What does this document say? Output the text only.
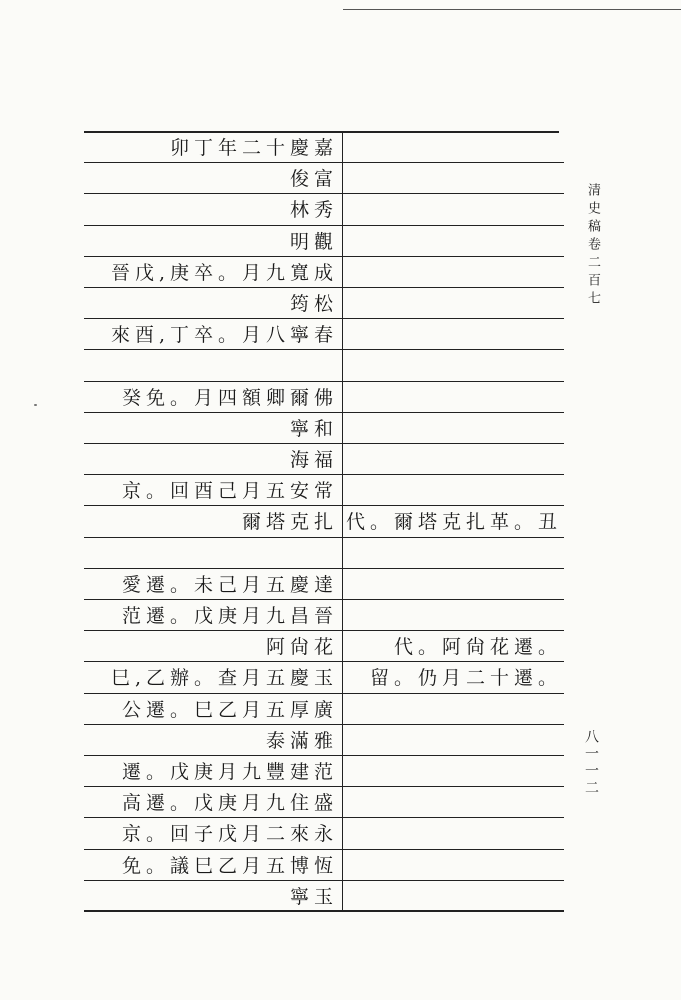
卯丁年二十慶嘉
俊富
林秀
明觀
晉戊,庚卒。月九寬成
筠松
來酉,丁卒。月八寧春
癸免。月四額卿爾佛
寧和
海福
京。回酉己月五安常
爾塔克扎 代。爾塔克扎革。丑
愛遷。未己月五慶達
范遷。戊庚月九昌晉
阿尙花	代。阿尙花遷。
巳,乙辦。查月五慶玉	留。仍月二十遷。
公遷。巳乙月五厚廣
泰滿雅
遷。戊庚月九豐建范
高遷。戊庚月九住盛
京。回子戊月二來永
免。議巳乙月五博恆
寧玉
清史稿卷二百七
八一一二
